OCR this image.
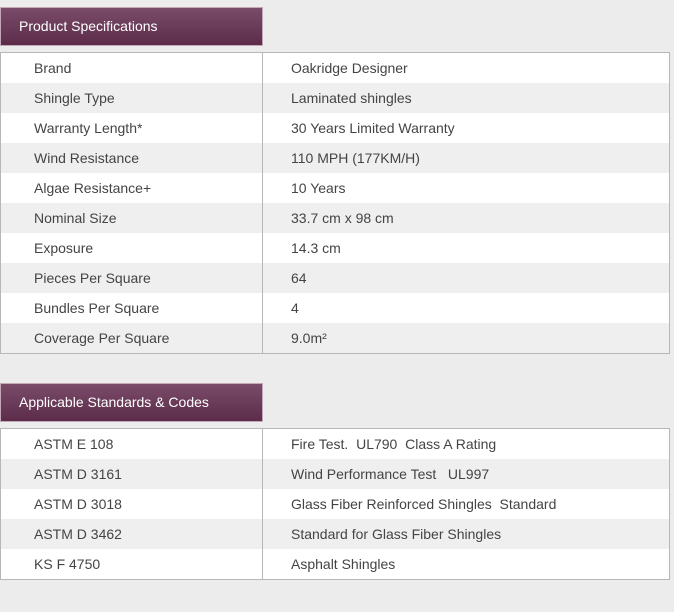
Product Specifications
Brand	Oakridge Designer
Shingle Type	Laminated shingles
Warranty Length*	30 Years Limited Warranty
Wind Resistance	110 MPH (177KM/H)
Algae Resistance+	10 Years
Nominal Size	33.7 cm x 98 cm
Exposure	14.3 cm
Pieces Per Square	64
Bundles Per Square	4
Coverage Per Square	9.0m²
Applicable Standards & Codes
ASTM E 108	Fire Test.  UL790  Class A Rating
ASTM D 3161	Wind Performance Test   UL997
ASTM D 3018	Glass Fiber Reinforced Shingles  Standard
ASTM D 3462	Standard for Glass Fiber Shingles
KS F 4750	Asphalt Shingles
